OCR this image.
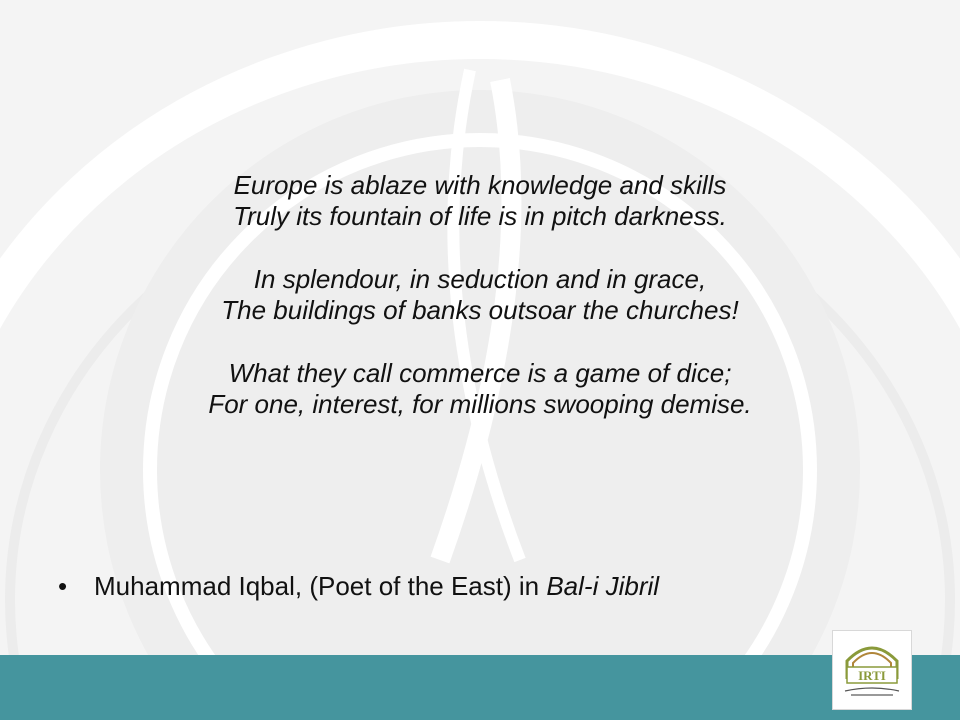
Europe is ablaze with knowledge and skills
Truly its fountain of life is in pitch darkness.
In splendour, in seduction and in grace,
The buildings of banks outsoar the churches!
What they call commerce is a game of dice;
For one, interest, for millions swooping demise.
• Muhammad Iqbal, (Poet of the East) in Bal-i Jibril
IRTI
